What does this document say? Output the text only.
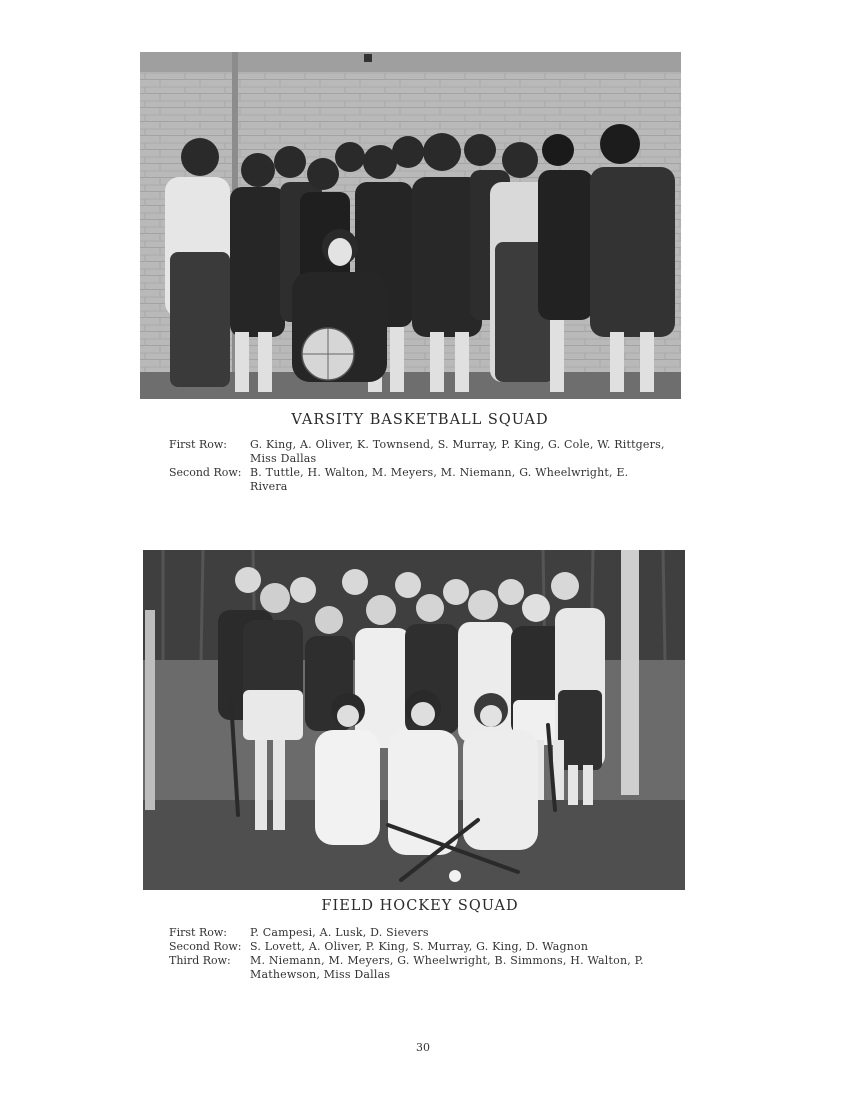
VARSITY BASKETBALL SQUAD
First Row:	G. King, A. Oliver, K. Townsend, S. Murray, P. King, G. Cole, W. Rittgers, Miss Dallas
Second Row: B. Tuttle, H. Walton, M. Meyers, M. Niemann, G. Wheelwright, E. Rivera
FIELD HOCKEY SQUAD
First Row:	P. Campesi, A. Lusk, D. Sievers
Second Row: S. Lovett, A. Oliver, P. King, S. Murray, G. King, D. Wagnon
Third Row:	M. Niemann, M. Meyers, G. Wheelwright, B. Simmons, H. Walton, P. Mathewson, Miss Dallas
30
